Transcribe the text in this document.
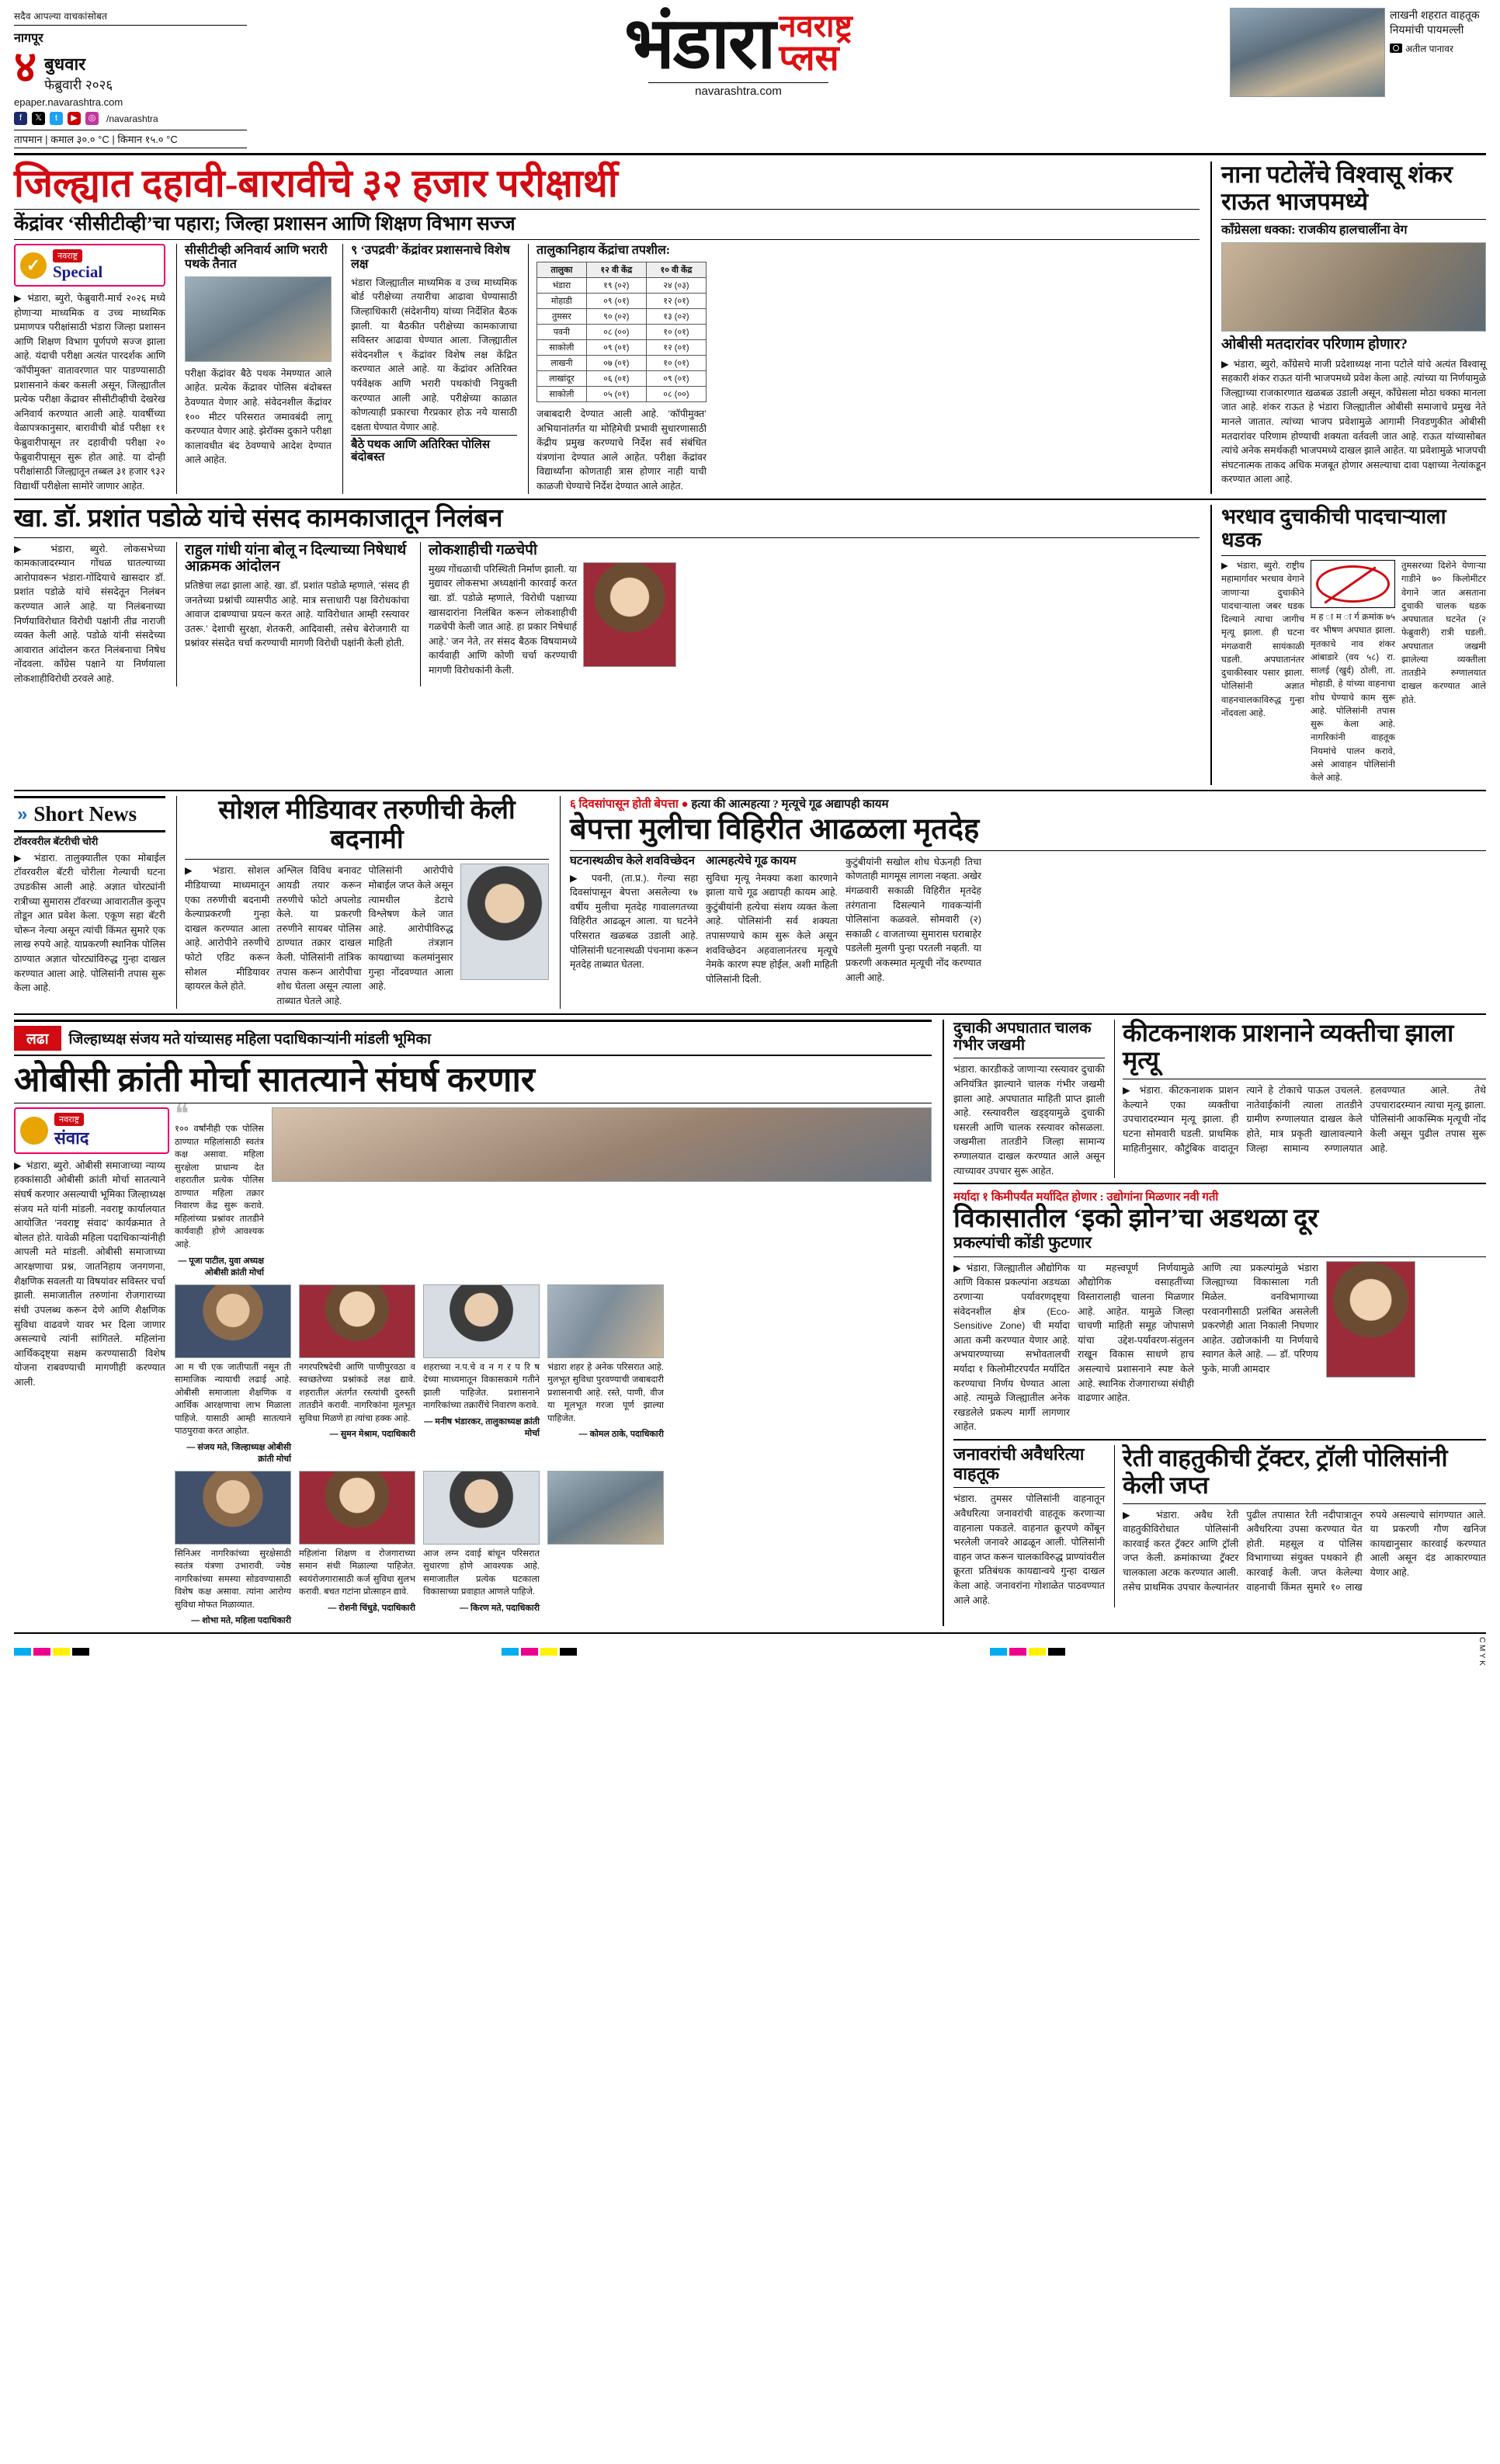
सदैव आपल्या वाचकांसोबत
नागपूर
४ बुधवार
फेब्रुवारी २०२६
epaper.navarashtra.com
f	𝕏	t	▶	◎	/navarashtra
तापमान | कमाल ३०.० °C | किमान १५.० °C
भंडारा नवराष्ट्र
प्लस
navarashtra.com
लाखनी शहरात वाहतूक नियमांची पायमल्ली
अतील पानावर
जिल्ह्यात दहावी-बारावीचे ३२ हजार परीक्षार्थी
केंद्रांवर ‘सीसीटीव्ही’चा पहारा; जिल्हा प्रशासन आणि शिक्षण विभाग सज्ज
✓	नवराष्ट्र
Special
▶ भंडारा, ब्युरो, फेब्रुवारी-मार्च २०२६ मध्ये होणाऱ्या माध्यमिक व उच्च माध्यमिक प्रमाणपत्र परीक्षांसाठी भंडारा जिल्हा प्रशासन आणि शिक्षण विभाग पूर्णपणे सज्ज झाला आहे. यंदाची परीक्षा अत्यंत पारदर्शक आणि ‘कॉपीमुक्त’ वातावरणात पार पाडण्यासाठी प्रशासनाने कंबर कसली असून, जिल्ह्यातील प्रत्येक परीक्षा केंद्रावर सीसीटीव्हीची देखरेख अनिवार्य करण्यात आली आहे. यावर्षीच्या वेळापत्रकानुसार, बारावीची बोर्ड परीक्षा ११ फेब्रुवारीपासून तर दहावीची परीक्षा २० फेब्रुवारीपासून सुरू होत आहे. या दोन्ही परीक्षांसाठी जिल्ह्यातून तब्बल ३१ हजार ९३२ विद्यार्थी परीक्षेला सामोरे जाणार आहेत.
सीसीटीव्ही अनिवार्य आणि भरारी पथके तैनात
परीक्षा केंद्रांवर बैठे पथक नेमण्यात आले आहेत. प्रत्येक केंद्रावर पोलिस बंदोबस्त ठेवण्यात येणार आहे. संवेदनशील केंद्रांवर १०० मीटर परिसरात जमावबंदी लागू करण्यात येणार आहे. झेरॉक्स दुकाने परीक्षा कालावधीत बंद ठेवण्याचे आदेश देण्यात आले आहेत.
९ ‘उपद्रवी’ केंद्रांवर प्रशासनाचे विशेष लक्ष
भंडारा जिल्ह्यातील माध्यमिक व उच्च माध्यमिक बोर्ड परीक्षेच्या तयारीचा आढावा घेण्यासाठी जिल्हाधिकारी (संदेशनीय) यांच्या निर्देशित बैठक झाली. या बैठकीत परीक्षेच्या कामकाजाचा सविस्तर आढावा घेण्यात आला. जिल्ह्यातील संवेदनशील ९ केंद्रांवर विशेष लक्ष केंद्रित करण्यात आले आहे. या केंद्रांवर अतिरिक्त पर्यवेक्षक आणि भरारी पथकांची नियुक्ती करण्यात आली आहे. परीक्षेच्या काळात कोणत्याही प्रकारचा गैरप्रकार होऊ नये यासाठी दक्षता घेण्यात येणार आहे.
बैठे पथक आणि अतिरिक्त पोलिस बंदोबस्त
तालुकानिहाय केंद्रांचा तपशील:
तालुका	१२ वी केंद्र	१० वी केंद्र
भंडारा	१९ (०२)	२४ (०३)
मोहाडी	०९ (०१)	१२ (०१)
तुमसर	९० (०२)	१३ (०२)
पवनी	०८ (००)	१० (०१)
साकोली	०९ (०१)	१२ (०१)
लाखनी	०७ (०१)	१० (०१)
लाखांदूर	०६ (०१)	०९ (०१)
साकोली	०५ (०१)	०८ (००)
जबाबदारी देण्यात आली आहे. ‘कॉपीमुक्त’ अभियानांतर्गत या मोहिमेची प्रभावी सुधारणासाठी केंद्रीय प्रमुख करण्याचे निर्देश सर्व संबंधित यंत्रणांना देण्यात आले आहेत. परीक्षा केंद्रांवर विद्यार्थ्यांना कोणताही त्रास होणार नाही याची काळजी घेण्याचे निर्देश देण्यात आले आहेत.
नाना पटोलेंचे विश्वासू शंकर राऊत भाजपमध्ये
काँग्रेसला धक्का: राजकीय हालचालींना वेग
ओबीसी मतदारांवर परिणाम होणार?
▶ भंडारा, ब्युरो, काँग्रेसचे माजी प्रदेशाध्यक्ष नाना पटोले यांचे अत्यंत विश्वासू सहकारी शंकर राऊत यांनी भाजपमध्ये प्रवेश केला आहे. त्यांच्या या निर्णयामुळे जिल्ह्याच्या राजकारणात खळबळ उडाली असून, काँग्रेसला मोठा धक्का मानला जात आहे. शंकर राऊत हे भंडारा जिल्ह्यातील ओबीसी समाजाचे प्रमुख नेते मानले जातात. त्यांच्या भाजप प्रवेशामुळे आगामी निवडणुकीत ओबीसी मतदारांवर परिणाम होण्याची शक्यता वर्तवली जात आहे. राऊत यांच्यासोबत त्यांचे अनेक समर्थकही भाजपमध्ये दाखल झाले आहेत. या प्रवेशामुळे भाजपची संघटनात्मक ताकद अधिक मजबूत होणार असल्याचा दावा पक्षाच्या नेत्यांकडून करण्यात आला आहे.
खा. डॉ. प्रशांत पडोळे यांचे संसद कामकाजातून निलंबन
▶ भंडारा, ब्युरो. लोकसभेच्या कामकाजादरम्यान गोंधळ घातल्याच्या आरोपावरून भंडारा-गोंदियाचे खासदार डॉ. प्रशांत पडोळे यांचे संसदेतून निलंबन करण्यात आले आहे. या निलंबनाच्या निर्णयाविरोधात विरोधी पक्षांनी तीव्र नाराजी व्यक्त केली आहे. पडोळे यांनी संसदेच्या आवारात आंदोलन करत निलंबनाचा निषेध नोंदवला. काँग्रेस पक्षाने या निर्णयाला लोकशाहीविरोधी ठरवले आहे.
राहुल गांधी यांना बोलू न दिल्याच्या निषेधार्थ आक्रमक आंदोलन
प्रतिष्ठेचा लढा झाला आहे. खा. डॉ. प्रशांत पडोळे म्हणाले, ‘संसद ही जनतेच्या प्रश्नांची व्यासपीठ आहे. मात्र सत्ताधारी पक्ष विरोधकांचा आवाज दाबण्याचा प्रयत्न करत आहे. याविरोधात आम्ही रस्त्यावर उतरू.’ देशाची सुरक्षा, शेतकरी, आदिवासी, तसेच बेरोजगारी या प्रश्नांवर संसदेत चर्चा करण्याची मागणी विरोधी पक्षांनी केली होती.
लोकशाहीची गळचेपी
मुख्य गोंधळाची परिस्थिती निर्माण झाली. या मुद्यावर लोकसभा अध्यक्षांनी कारवाई करत खा. डॉ. पडोळे म्हणाले, ‘विरोधी पक्षाच्या खासदारांना निलंबित करून लोकशाहीची गळचेपी केली जात आहे. हा प्रकार निषेधार्ह आहे.’ जन नेते, तर संसद बैठक विषयामध्ये कार्यवाही आणि कोणी चर्चा करण्याची मागणी विरोधकांनी केली.
भरधाव दुचाकीची पादचाऱ्याला धडक
▶ भंडारा, ब्युरो. राष्ट्रीय महामार्गावर भरधाव वेगाने जाणाऱ्या दुचाकीने पादचाऱ्याला जबर धडक दिल्याने त्याचा जागीच मृत्यू झाला. ही घटना मंगळवारी सायंकाळी घडली. अपघातानंतर दुचाकीस्वार पसार झाला. पोलिसांनी अज्ञात वाहनचालकाविरुद्ध गुन्हा नोंदवला आहे.
म ह ा म ा र्ग क्रमांक ७५ वर भीषण अपघात झाला. मृतकाचे नाव शंकर आंबाडारे (वय ५८) रा. सालई (खुर्द) ठोली, ता. मोहाडी, हे यांच्या वाहनाचा शोध घेण्याचे काम सुरू आहे. पोलिसांनी तपास सुरू केला आहे. नागरिकांनी वाहतूक नियमांचे पालन करावे, असे आवाहन पोलिसांनी केले आहे.
तुमसरच्या दिशेने येणाऱ्या गाडीने ७० किलोमीटर वेगाने जात असताना दुचाकी चालक धडक अपघातात घटनेत (२ फेब्रुवारी) रात्री घडली. अपघातात जखमी झालेल्या व्यक्तीला तातडीने रुग्णालयात दाखल करण्यात आले होते.
» Short News
टॉवरवरील बॅटरीची चोरी
▶ भंडारा. तालुक्यातील एका मोबाईल टॉवरवरील बॅटरी चोरीला गेल्याची घटना उघडकीस आली आहे. अज्ञात चोरट्यांनी रात्रीच्या सुमारास टॉवरच्या आवारातील कुलूप तोडून आत प्रवेश केला. एकूण सहा बॅटरी चोरून नेल्या असून त्यांची किंमत सुमारे एक लाख रुपये आहे. याप्रकरणी स्थानिक पोलिस ठाण्यात अज्ञात चोरट्यांविरुद्ध गुन्हा दाखल करण्यात आला आहे. पोलिसांनी तपास सुरू केला आहे.
सोशल मीडियावर तरुणीची केली बदनामी
▶ भंडारा. सोशल मीडियाच्या माध्यमातून एका तरुणीची बदनामी केल्याप्रकरणी गुन्हा दाखल करण्यात आला आहे. आरोपीने तरुणीचे फोटो एडिट करून सोशल मीडियावर व्हायरल केले होते.
अश्लिल विविध बनावट आयडी तयार करून तरुणीचे फोटो अपलोड केले. या प्रकरणी तरुणीने सायबर पोलिस ठाण्यात तक्रार दाखल केली. पोलिसांनी तांत्रिक तपास करून आरोपीचा शोध घेतला असून त्याला ताब्यात घेतले आहे.
पोलिसांनी आरोपीचे मोबाईल जप्त केले असून त्यामधील डेटाचे विश्लेषण केले जात आहे. आरोपीविरुद्ध माहिती तंत्रज्ञान कायद्याच्या कलमांनुसार गुन्हा नोंदवण्यात आला आहे.
६ दिवसांपासून होती बेपत्ता ● हत्या की आत्महत्या ? मृत्यूचे गूढ अद्यापही कायम
बेपत्ता मुलीचा विहिरीत आढळला मृतदेह
घटनास्थळीच केले शवविच्छेदन
▶ पवनी, (ता.प्र.). गेल्या सहा दिवसांपासून बेपत्ता असलेल्या १७ वर्षीय मुलीचा मृतदेह गावालगतच्या विहिरीत आढळून आला. या घटनेने परिसरात खळबळ उडाली आहे. पोलिसांनी घटनास्थळी पंचनामा करून मृतदेह ताब्यात घेतला.
आत्महत्येचे गूढ कायम
सुविधा मृत्यू नेमक्या कशा कारणाने झाला याचे गूढ अद्यापही कायम आहे. कुटुंबीयांनी हत्येचा संशय व्यक्त केला आहे. पोलिसांनी सर्व शक्यता तपासण्याचे काम सुरू केले असून शवविच्छेदन अहवालानंतरच मृत्यूचे नेमके कारण स्पष्ट होईल, अशी माहिती पोलिसांनी दिली.
कुटुंबीयांनी सखोल शोध घेऊनही तिचा कोणताही मागमूस लागला नव्हता. अखेर मंगळवारी सकाळी विहिरीत मृतदेह तरंगताना दिसल्याने गावकऱ्यांनी पोलिसांना कळवले. सोमवारी (२) सकाळी ८ वाजताच्या सुमारास घराबाहेर पडलेली मुलगी पुन्हा परतली नव्हती. या प्रकरणी अकस्मात मृत्यूची नोंद करण्यात आली आहे.
लढा	जिल्हाध्यक्ष संजय मते यांच्यासह महिला पदाधिकाऱ्यांनी मांडली भूमिका
ओबीसी क्रांती मोर्चा सातत्याने संघर्ष करणार
नवराष्ट्र
संवाद
▶ भंडारा, ब्युरो. ओबीसी समाजाच्या न्याय्य हक्कांसाठी ओबीसी क्रांती मोर्चा सातत्याने संघर्ष करणार असल्याची भूमिका जिल्हाध्यक्ष संजय मते यांनी मांडली. नवराष्ट्र कार्यालयात आयोजित ‘नवराष्ट्र संवाद’ कार्यक्रमात ते बोलत होते. यावेळी महिला पदाधिकाऱ्यांनीही आपली मते मांडली. ओबीसी समाजाच्या आरक्षणाचा प्रश्न, जातनिहाय जनगणना, शैक्षणिक सवलती या विषयांवर सविस्तर चर्चा झाली. समाजातील तरुणांना रोजगाराच्या संधी उपलब्ध करून देणे आणि शैक्षणिक सुविधा वाढवणे यावर भर दिला जाणार असल्याचे त्यांनी सांगितले. महिलांना आर्थिकदृष्ट्या सक्षम करण्यासाठी विशेष योजना राबवण्याची मागणीही करण्यात आली.
❝
१०० वर्षांनीही एक पोलिस ठाण्यात महिलांसाठी स्वतंत्र कक्ष असावा. महिला सुरक्षेला प्राधान्य देत शहरातील प्रत्येक पोलिस ठाण्यात महिला तक्रार निवारण केंद्र सुरू करावे. महिलांच्या प्रश्नांवर तातडीने कार्यवाही होणे आवश्यक आहे.
— पूजा पाटील, युवा अध्यक्ष ओबीसी क्रांती मोर्चा
आ म ची एक जातीपातीं नसून ती सामाजिक न्यायाची लढाई आहे. ओबीसी समाजाला शैक्षणिक व आर्थिक आरक्षणाचा लाभ मिळाला पाहिजे. यासाठी आम्ही सातत्याने पाठपुरावा करत आहोत.
— संजय मते, जिल्हाध्यक्ष ओबीसी क्रांती मोर्चा
नगरपरिषदेची आणि पाणीपुरवठा व स्वच्छतेच्या प्रश्नांकडे लक्ष द्यावे. शहरातील अंतर्गत रस्त्यांची दुरुस्ती तातडीने करावी. नागरिकांना मूलभूत सुविधा मिळणे हा त्यांचा हक्क आहे.
— सुमन मेश्राम, पदाधिकारी
शहराच्या न.प.चे व न ग र प रि ष देच्या माध्यमातून विकासकामे गतीने झाली पाहिजेत. प्रशासनाने नागरिकांच्या तक्रारींचे निवारण करावे.
— मनीष भंडारकर, तालुकाध्यक्ष क्रांती मोर्चा
भंडारा शहर हे अनेक परिसरात आहे. मुलभूत सुविधा पुरवण्याची जबाबदारी प्रशासनाची आहे. रस्ते, पाणी, वीज या मूलभूत गरजा पूर्ण झाल्या पाहिजेत.
— कोमल ठाके, पदाधिकारी
सिनिअर नागरिकांच्या सुरक्षेसाठी स्वतंत्र यंत्रणा उभारावी. ज्येष्ठ नागरिकांच्या समस्या सोडवण्यासाठी विशेष कक्ष असावा. त्यांना आरोग्य सुविधा मोफत मिळाव्यात.
— शोभा मते, महिला पदाधिकारी
महिलांना शिक्षण व रोजगाराच्या समान संधी मिळाल्या पाहिजेत. स्वयंरोजगारासाठी कर्ज सुविधा सुलभ करावी. बचत गटांना प्रोत्साहन द्यावे.
— रोशनी चिंधुडे, पदाधिकारी
आज लग्न दवाई बांधून परिसरात सुधारणा होणे आवश्यक आहे. समाजातील प्रत्येक घटकाला विकासाच्या प्रवाहात आणले पाहिजे.
— किरण मते, पदाधिकारी
दुचाकी अपघातात चालक गंभीर जखमी
भंडारा. कारडीकडे जाणाऱ्या रस्त्यावर दुचाकी अनियंत्रित झाल्याने चालक गंभीर जखमी झाला आहे. अपघातात माहिती प्राप्त झाली आहे. रस्त्यावरील खड्ड्यामुळे दुचाकी घसरली आणि चालक रस्त्यावर कोसळला. जखमीला तातडीने जिल्हा सामान्य रुग्णालयात दाखल करण्यात आले असून त्याच्यावर उपचार सुरू आहेत.
कीटकनाशक प्राशनाने व्यक्तीचा झाला मृत्यू
▶ भंडारा. कीटकनाशक प्राशन केल्याने एका व्यक्तीचा उपचारादरम्यान मृत्यू झाला. ही घटना सोमवारी घडली. प्राथमिक माहितीनुसार, कौटुंबिक वादातून त्याने हे टोकाचे पाऊल उचलले. नातेवाईकांनी त्याला तातडीने ग्रामीण रुग्णालयात दाखल केले होते, मात्र प्रकृती खालावल्याने जिल्हा सामान्य रुग्णालयात हलवण्यात आले. तेथे उपचारादरम्यान त्याचा मृत्यू झाला. पोलिसांनी आकस्मिक मृत्यूची नोंद केली असून पुढील तपास सुरू आहे.
मर्यादा १ किमीपर्यंत मर्यादित होणार : उद्योगांना मिळणार नवी गती
विकासातील ‘इको झोन’चा अडथळा दूर
प्रकल्पांची कोंडी फुटणार
▶ भंडारा, जिल्ह्यातील औद्योगिक आणि विकास प्रकल्पांना अडथळा ठरणाऱ्या पर्यावरणदृष्ट्या संवेदनशील क्षेत्र (Eco-Sensitive Zone) ची मर्यादा आता कमी करण्यात येणार आहे. अभयारण्याच्या सभोवतालची मर्यादा १ किलोमीटरपर्यंत मर्यादित करण्याचा निर्णय घेण्यात आला आहे. त्यामुळे जिल्ह्यातील अनेक रखडलेले प्रकल्प मार्गी लागणार आहेत.
या महत्त्वपूर्ण निर्णयामुळे औद्योगिक वसाहतींच्या विस्तारालाही चालना मिळणार आहे. आहेत. यामुळे जिल्हा चाचणी माहिती समूह जोपासणे यांचा उद्देश-पर्यावरण-संतुलन राखून विकास साधणे हाच असल्याचे प्रशासनाने स्पष्ट केले आहे. स्थानिक रोजगाराच्या संधीही वाढणार आहेत.
आणि त्या प्रकल्पांमुळे भंडारा जिल्ह्याच्या विकासाला गती मिळेल. वनविभागाच्या परवानगीसाठी प्रलंबित असलेली प्रकरणेही आता निकाली निघणार आहेत. उद्योजकांनी या निर्णयाचे स्वागत केले आहे. — डॉ. परिणय फुके, माजी आमदार
जनावरांची अवैधरित्या वाहतूक
भंडारा. तुमसर पोलिसांनी वाहनातून अवैधरित्या जनावरांची वाहतूक करणाऱ्या वाहनाला पकडले. वाहनात क्रूरपणे कोंबून भरलेली जनावरे आढळून आली. पोलिसांनी वाहन जप्त करून चालकाविरुद्ध प्राण्यांवरील क्रूरता प्रतिबंधक कायद्यान्वये गुन्हा दाखल केला आहे. जनावरांना गोशाळेत पाठवण्यात आले आहे.
रेती वाहतुकीची ट्रॅक्टर, ट्रॉली पोलिसांनी केली जप्त
▶ भंडारा. अवैध रेती वाहतुकीविरोधात पोलिसांनी कारवाई करत ट्रॅक्टर आणि ट्रॉली जप्त केली. क्रमांकाच्या ट्रॅक्टर चालकाला अटक करण्यात आली. तसेच प्राथमिक उपचार केल्यानंतर पुढील तपासात रेती नदीपात्रातून अवैधरित्या उपसा करण्यात येत होती. महसूल व पोलिस विभागाच्या संयुक्त पथकाने ही कारवाई केली. जप्त केलेल्या वाहनाची किंमत सुमारे १० लाख रुपये असल्याचे सांगण्यात आले. या प्रकरणी गौण खनिज कायद्यानुसार कारवाई करण्यात आली असून दंड आकारण्यात येणार आहे.
C M Y K
